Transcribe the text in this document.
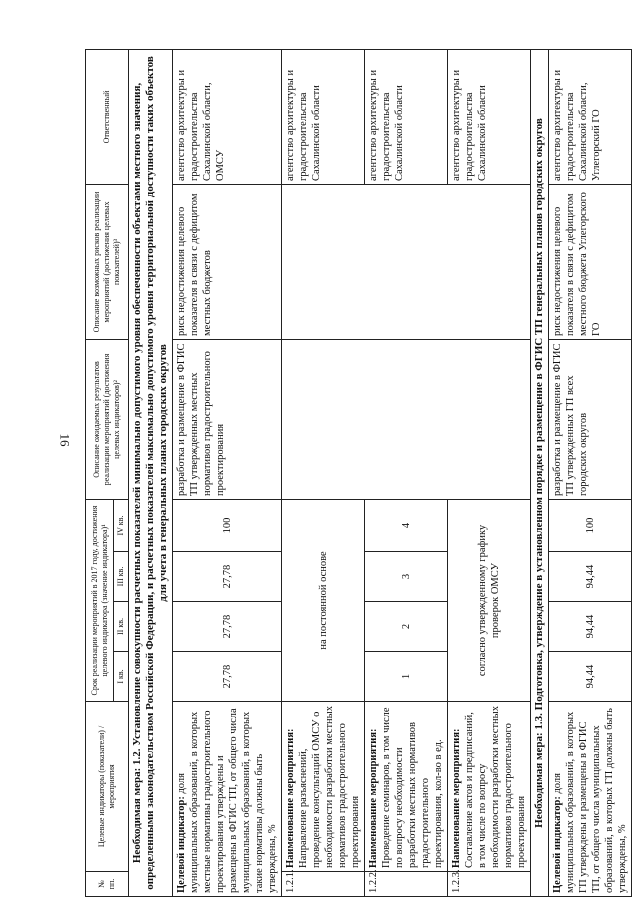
16
№ пп.	Целевые индикаторы (показатели) / мероприятия	Срок реализации мероприятий в 2017 году, достижения целевого индикатора (значение индикатора)¹				Описание ожидаемых результатов реализации мероприятий (достижения целевых индикаторов)²	Описание возможных рисков реализации мероприятий (достижения целевых показателей)³	Ответственный
		I кв.	II кв.	III кв.	IV кв.			
Необходимая мера: 1.2. Установление совокупности расчетных показателей минимально допустимого уровня обеспеченности объектами местного значения, определенными законодательством Российской Федерации, и расчетных показателей максимально допустимого уровня территориальной доступности таких объектов для учета в генеральных планах городских округов								
Целевой индикатор: доля муниципальных образований, в которых местные нормативы градостроительного проектирования утверждены и размещены в ФГИС ТП, от общего числа муниципальных образований, в которых такие нормативы должны быть утверждены, %		27,78	27,78	27,78	100	разработка и размещение в ФГИС ТП утвержденных местных нормативов градостроительного проектирования	риск недостижения целевого показателя в связи с дефицитом местных бюджетов	агентство архитектуры и градостроительства Сахалинской области, ОМСУ
1.2.1.	Наименование мероприятия: Направление разъяснений, проведение консультаций ОМСУ о необходимости разработки местных нормативов градостроительного проектирования	на постоянной основе						агентство архитектуры и градостроительства Сахалинской области
1.2.2.	Наименование мероприятия: Проведение семинаров, в том числе по вопросу необходимости разработки местных нормативов градостроительного проектирования, кол-во в ед.	1	2	3	4			агентство архитектуры и градостроительства Сахалинской области
1.2.3.	Наименование мероприятия: Составление актов и предписаний, в том числе по вопросу необходимости разработки местных нормативов градостроительного проектирования	согласно утвержденному графику проверок ОМСУ						агентство архитектуры и градостроительства Сахалинской области
Необходимая мера: 1.3. Подготовка, утверждение в установленном порядке и размещение в ФГИС ТП генеральных планов городских округов								
Целевой индикатор: доля муниципальных образований, в которых ГП утверждены и размещены в ФГИС ТП, от общего числа муниципальных образований, в которых ГП должны быть утверждены, %		94,44	94,44	94,44	100	разработка и размещение в ФГИС ТП утвержденных ГП всех городских округов	риск недостижения целевого показателя в связи с дефицитом местного бюджета Углегорского ГО	агентство архитектуры и градостроительства Сахалинской области, Углегорский ГО
